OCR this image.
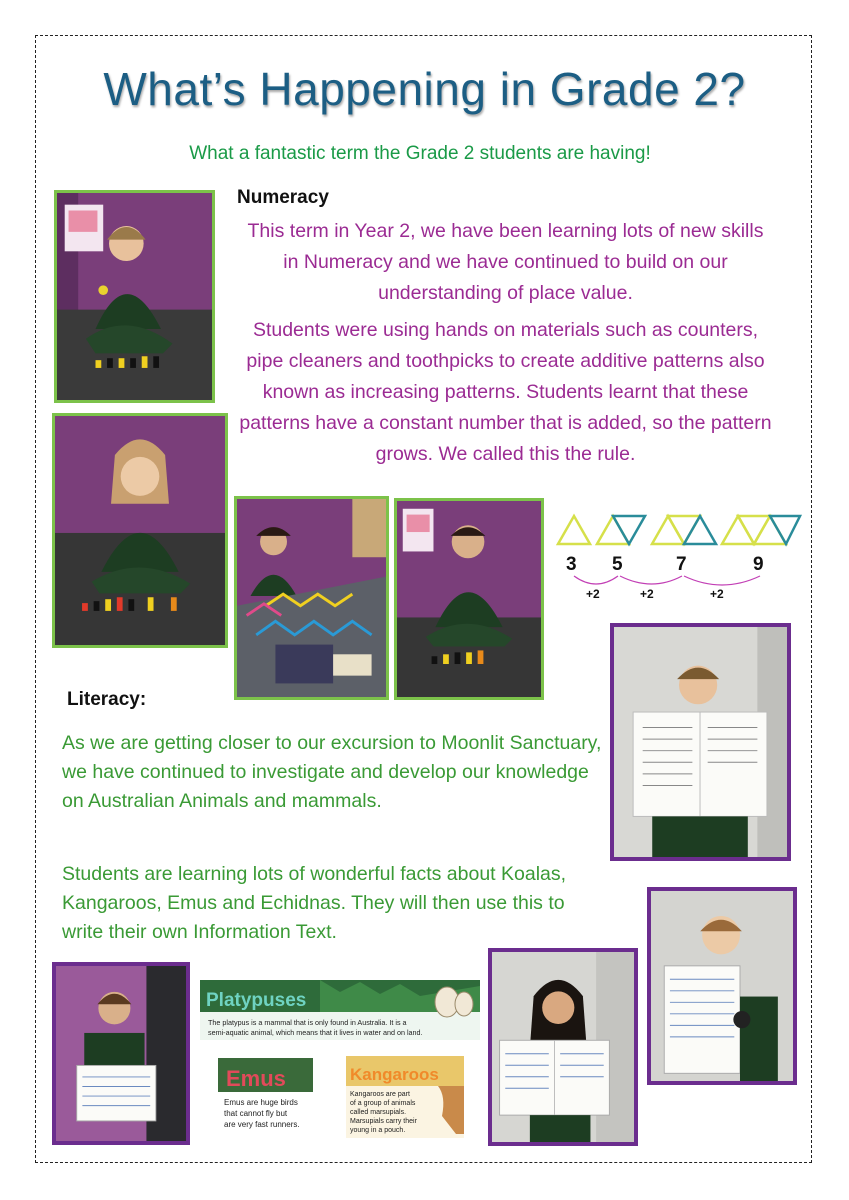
What’s Happening in Grade 2?
What a fantastic term the Grade 2 students are having!
Numeracy
This term in Year 2, we have been learning lots of new skills in Numeracy and we have continued to build on our understanding of place value.
Students were using hands on materials such as counters, pipe cleaners and toothpicks to create additive patterns also known as increasing patterns. Students learnt that these patterns have a constant number that is added, so the pattern grows. We called this the rule.
3 5	7	9
+2	+2	+2
Literacy:
As we are getting closer to our excursion to Moonlit Sanctuary, we have continued to investigate and develop our knowledge on Australian Animals and mammals.
Students are learning lots of wonderful facts about Koalas, Kangaroos, Emus and Echidnas. They will then use this to write their own Information Text.
Platypuses
The platypus is a mammal that is only found in Australia. It is a
semi-aquatic animal, which means that it lives in water and on land.
Emus
Emus are huge birds
that cannot fly but
are very fast runners.
Kangaroos
Kangaroos are part
of a group of animals
called marsupials.
Marsupials carry their
young in a pouch.
